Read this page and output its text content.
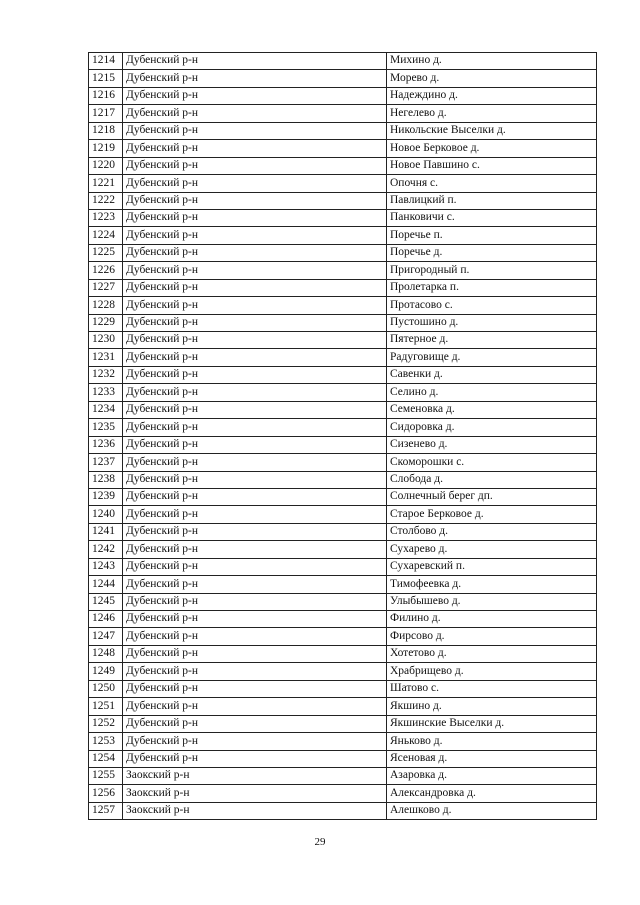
1214	Дубенский р-н	Михино д.
1215	Дубенский р-н	Морево д.
1216	Дубенский р-н	Надеждино д.
1217	Дубенский р-н	Негелево д.
1218	Дубенский р-н	Никольские Выселки д.
1219	Дубенский р-н	Новое Берковое д.
1220	Дубенский р-н	Новое Павшино с.
1221	Дубенский р-н	Опочня с.
1222	Дубенский р-н	Павлицкий п.
1223	Дубенский р-н	Панковичи с.
1224	Дубенский р-н	Поречье п.
1225	Дубенский р-н	Поречье д.
1226	Дубенский р-н	Пригородный п.
1227	Дубенский р-н	Пролетарка п.
1228	Дубенский р-н	Протасово с.
1229	Дубенский р-н	Пустошино д.
1230	Дубенский р-н	Пятерное д.
1231	Дубенский р-н	Радуговище д.
1232	Дубенский р-н	Савенки д.
1233	Дубенский р-н	Селино д.
1234	Дубенский р-н	Семеновка д.
1235	Дубенский р-н	Сидоровка д.
1236	Дубенский р-н	Сизенево д.
1237	Дубенский р-н	Скоморошки с.
1238	Дубенский р-н	Слобода д.
1239	Дубенский р-н	Солнечный берег дп.
1240	Дубенский р-н	Старое Берковое д.
1241	Дубенский р-н	Столбово д.
1242	Дубенский р-н	Сухарево д.
1243	Дубенский р-н	Сухаревский п.
1244	Дубенский р-н	Тимофеевка д.
1245	Дубенский р-н	Улыбышево д.
1246	Дубенский р-н	Филино д.
1247	Дубенский р-н	Фирсово д.
1248	Дубенский р-н	Хотетово д.
1249	Дубенский р-н	Храбрищево д.
1250	Дубенский р-н	Шатово с.
1251	Дубенский р-н	Якшино д.
1252	Дубенский р-н	Якшинские Выселки д.
1253	Дубенский р-н	Яньково д.
1254	Дубенский р-н	Ясеновая д.
1255	Заокский р-н	Азаровка д.
1256	Заокский р-н	Александровка д.
1257	Заокский р-н	Алешково д.
29
